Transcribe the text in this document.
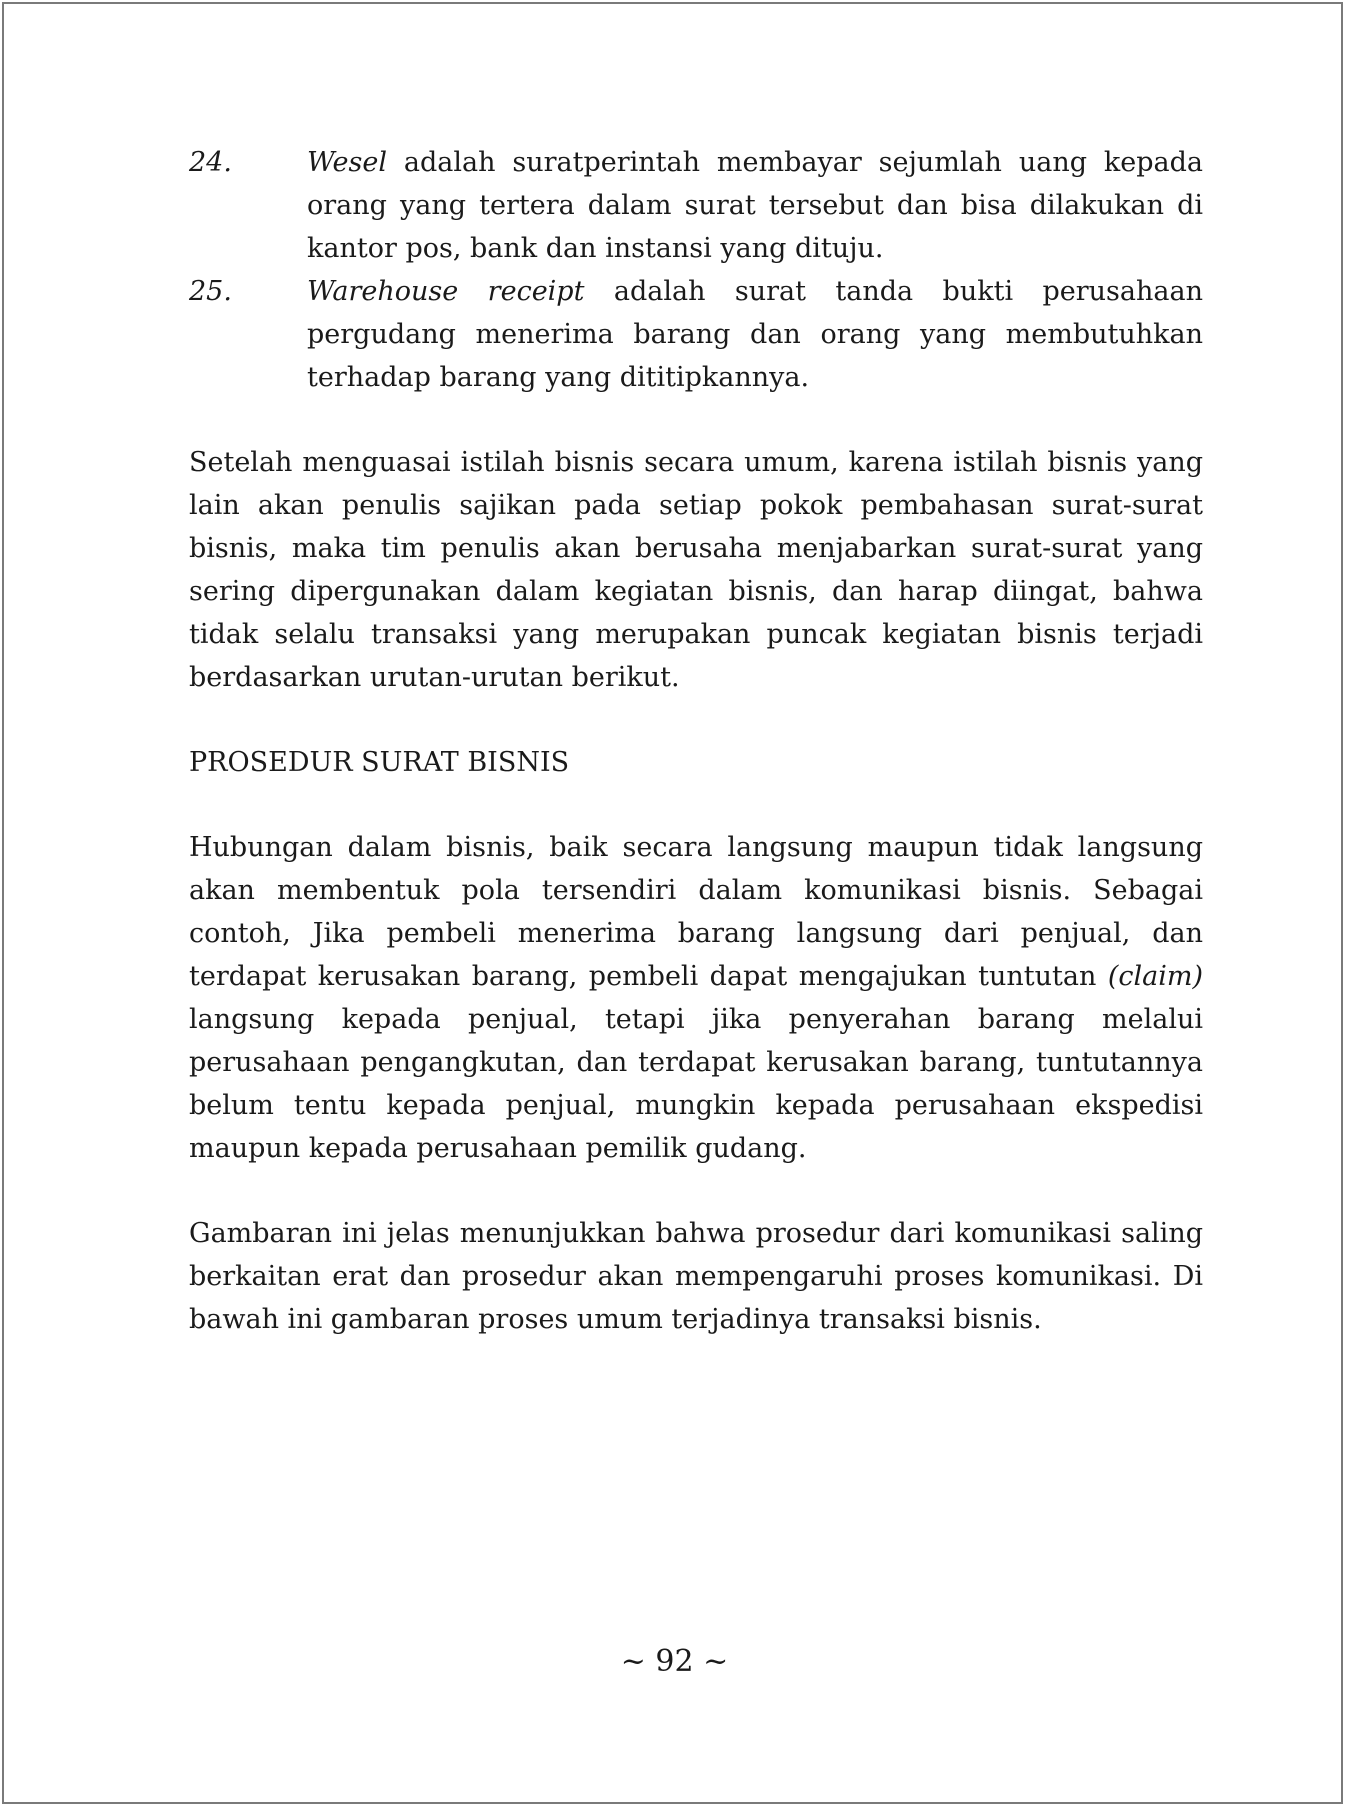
24.	Wesel adalah suratperintah membayar sejumlah uang kepada orang yang tertera dalam surat tersebut dan bisa dilakukan di kantor pos, bank dan instansi yang dituju.
25.	Warehouse receipt adalah surat tanda bukti perusahaan pergudang menerima barang dan orang yang membutuhkan terhadap barang yang dititipkannya.

Setelah menguasai istilah bisnis secara umum, karena istilah bisnis yang lain akan penulis sajikan pada setiap pokok pembahasan surat-surat bisnis, maka tim penulis akan berusaha menjabarkan surat-surat yang sering dipergunakan dalam kegiatan bisnis, dan harap diingat, bahwa tidak selalu transaksi yang merupakan puncak kegiatan bisnis terjadi berdasarkan urutan-urutan berikut.

PROSEDUR SURAT BISNIS

Hubungan dalam bisnis, baik secara langsung maupun tidak langsung akan membentuk pola tersendiri dalam komunikasi bisnis. Sebagai contoh, Jika pembeli menerima barang langsung dari penjual, dan terdapat kerusakan barang, pembeli dapat mengajukan tuntutan (claim) langsung kepada penjual, tetapi jika penyerahan barang melalui perusahaan pengangkutan, dan terdapat kerusakan barang, tuntutannya belum tentu kepada penjual, mungkin kepada perusahaan ekspedisi maupun kepada perusahaan pemilik gudang.

Gambaran ini jelas menunjukkan bahwa prosedur dari komunikasi saling berkaitan erat dan prosedur akan mempengaruhi proses komunikasi. Di bawah ini gambaran proses umum terjadinya transaksi bisnis.

~ 92 ~
